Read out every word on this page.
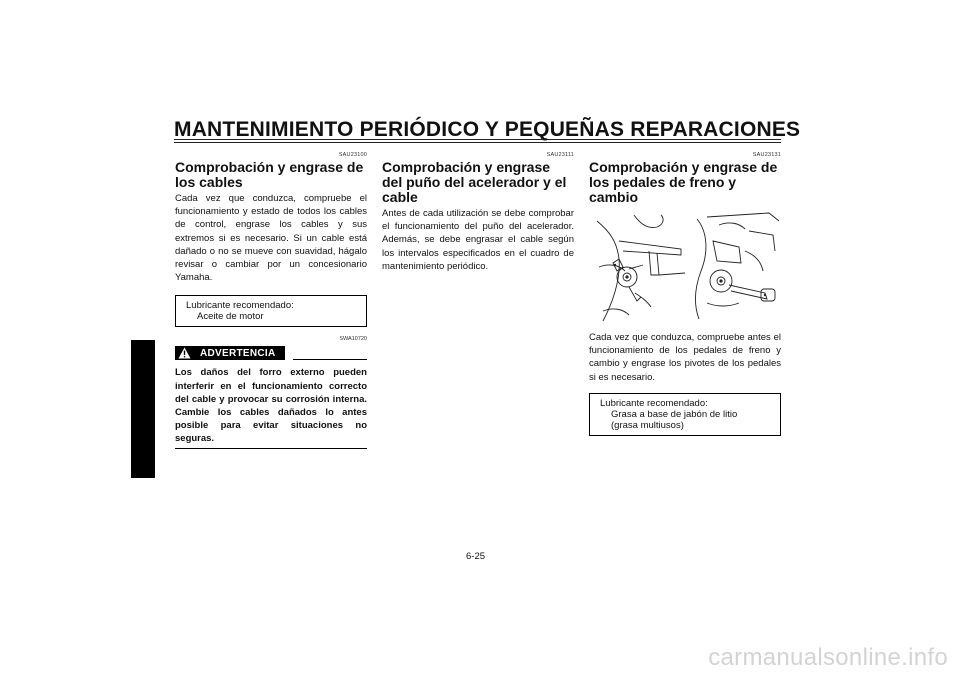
MANTENIMIENTO PERIÓDICO Y PEQUEÑAS REPARACIONES
6
SAU23100
Comprobación y engrase de los cables

Cada vez que conduzca, compruebe el funcionamiento y estado de todos los cables de control, engrase los cables y sus extremos si es necesario. Si un cable está dañado o no se mueve con suavidad, hágalo revisar o cambiar por un concesionario Yamaha.

Lubricante recomendado:
Aceite de motor
SWA10720
ADVERTENCIA

Los daños del forro externo pueden interferir en el funcionamiento correcto del cable y provocar su corrosión interna. Cambie los cables dañados lo antes posible para evitar situaciones no seguras.

SAU23111
Comprobación y engrase del puño del acelerador y el cable

Antes de cada utilización se debe comprobar el funcionamiento del puño del acelerador. Además, se debe engrasar el cable según los intervalos especificados en el cuadro de mantenimiento periódico.

SAU23131
Comprobación y engrase de los pedales de freno y cambio

Cada vez que conduzca, compruebe antes el funcionamiento de los pedales de freno y cambio y engrase los pivotes de los pedales si es necesario.

Lubricante recomendado:
Grasa a base de jabón de litio
(grasa multiusos)
6-25
carmanualsonline.info
